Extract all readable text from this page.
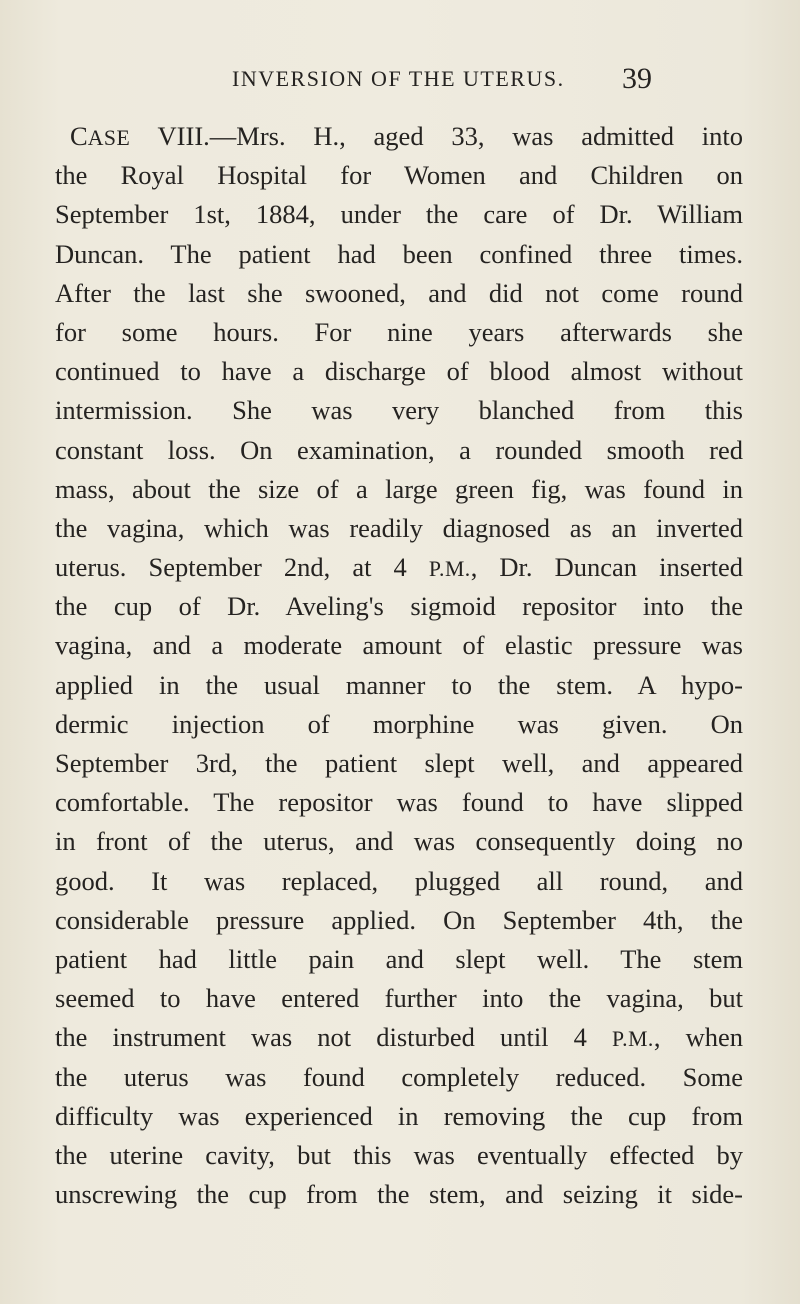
INVERSION OF THE UTERUS. 39
CASE VIII.—Mrs. H., aged 33, was admitted into
the Royal Hospital for Women and Children on
September 1st, 1884, under the care of Dr. William
Duncan. The patient had been confined three times.
After the last she swooned, and did not come round
for some hours. For nine years afterwards she
continued to have a discharge of blood almost without
intermission. She was very blanched from this
constant loss. On examination, a rounded smooth red
mass, about the size of a large green fig, was found in
the vagina, which was readily diagnosed as an inverted
uterus. September 2nd, at 4 P.M., Dr. Duncan inserted
the cup of Dr. Aveling's sigmoid repositor into the
vagina, and a moderate amount of elastic pressure was
applied in the usual manner to the stem. A hypo-
dermic injection of morphine was given. On
September 3rd, the patient slept well, and appeared
comfortable. The repositor was found to have slipped
in front of the uterus, and was consequently doing no
good. It was replaced, plugged all round, and
considerable pressure applied. On September 4th, the
patient had little pain and slept well. The stem
seemed to have entered further into the vagina, but
the instrument was not disturbed until 4 P.M., when
the uterus was found completely reduced. Some
difficulty was experienced in removing the cup from
the uterine cavity, but this was eventually effected by
unscrewing the cup from the stem, and seizing it side-
